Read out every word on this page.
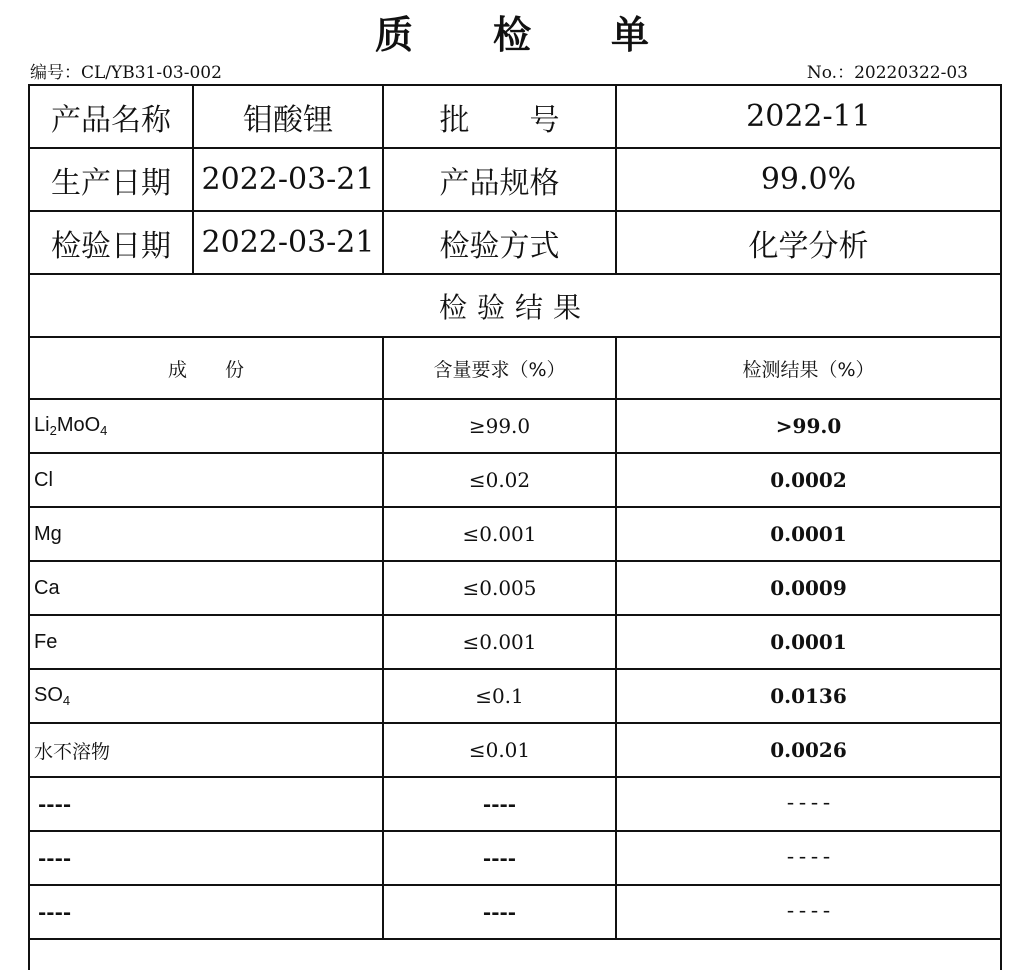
质 检 单
编号：CL/YB31-03-002	No.：20220322-03
产品名称	钼酸锂	批　　号	2022-11
生产日期	2022-03-21	产品规格	99.0%
检验日期	2022-03-21	检验方式	化学分析
检验结果			
成　　份		含量要求（%）	检测结果（%）
$Li_2MoO_4$		≥99.0	>99.0
Cl		≤0.02	0.0002
Mg		≤0.001	0.0001
Ca		≤0.005	0.0009
Fe		≤0.001	0.0001
$SO_4$		≤0.1	0.0136
水不溶物		≤0.01	0.0026
----		----	----
----		----	----
----		----	----
